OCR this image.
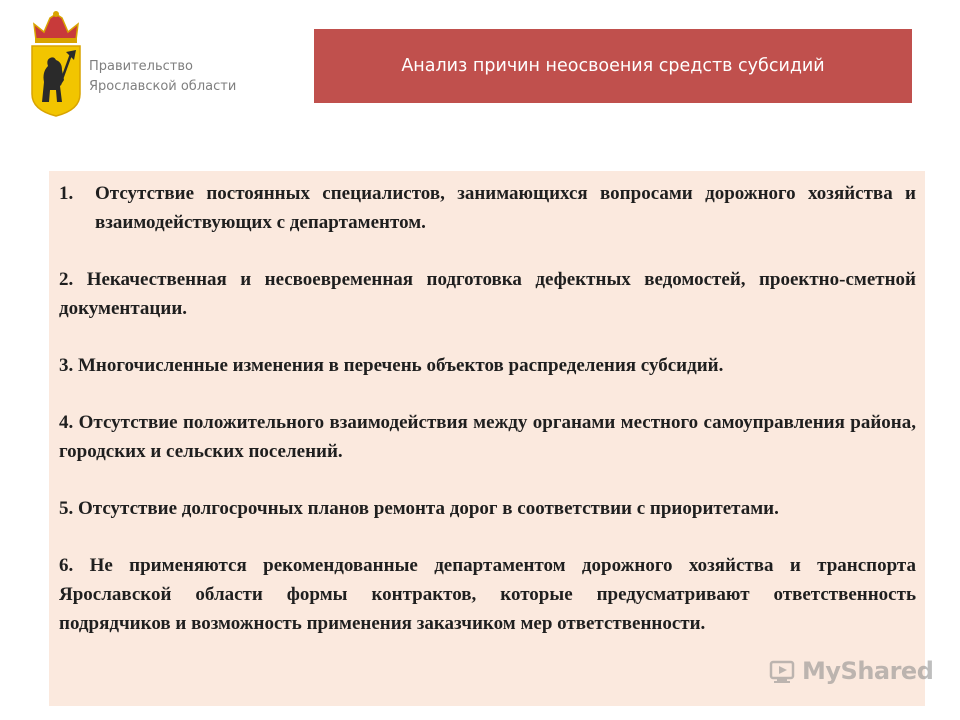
Правительство
Ярославской области
Анализ причин неосвоения средств субсидий
1.	Отсутствие постоянных специалистов, занимающихся вопросами дорожного хозяйства и взаимодействующих с департаментом.
2. Некачественная и несвоевременная подготовка дефектных ведомостей, проектно-сметной документации.
3. Многочисленные изменения в перечень объектов распределения субсидий.
4. Отсутствие положительного взаимодействия между органами местного самоуправления района, городских и сельских поселений.
5. Отсутствие долгосрочных планов ремонта дорог в соответствии с приоритетами.
6. Не применяются рекомендованные департаментом дорожного хозяйства и транспорта Ярославской области формы контрактов, которые предусматривают ответственность подрядчиков и возможность применения заказчиком мер ответственности.
MyShared
